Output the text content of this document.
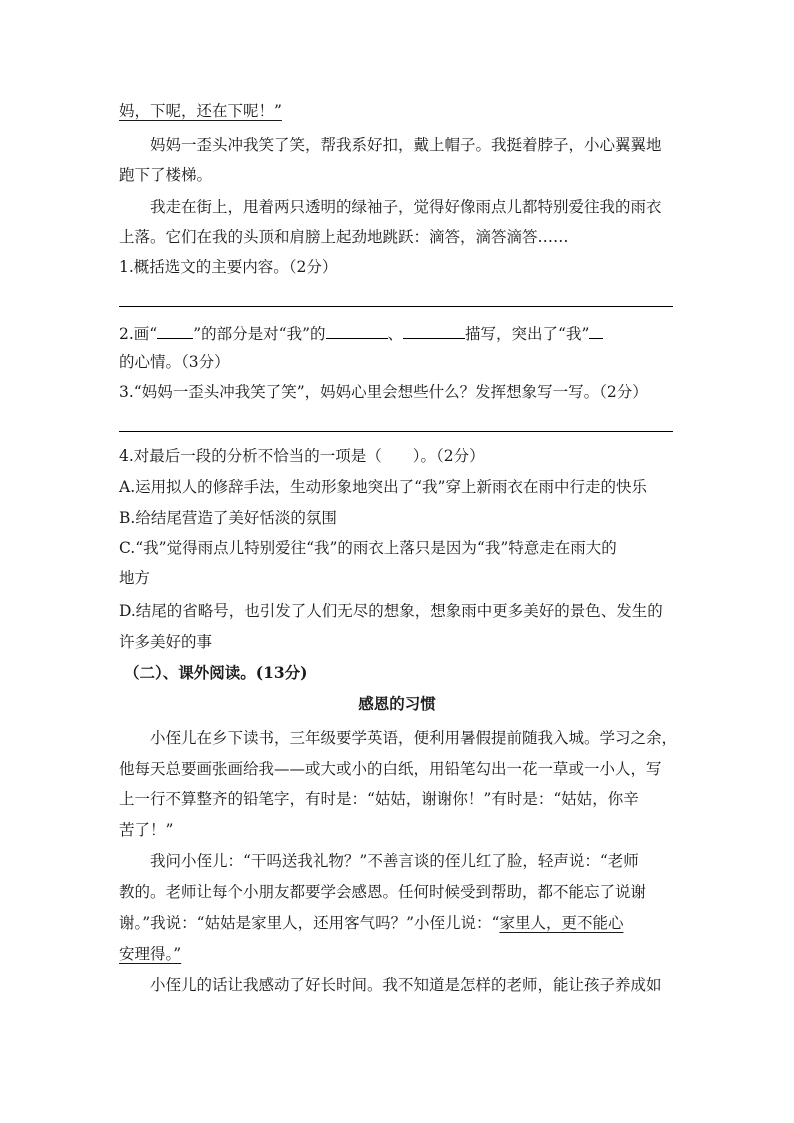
妈，下呢，还在下呢！”
妈妈一歪头冲我笑了笑，帮我系好扣，戴上帽子。我挺着脖子，小心翼翼地
跑下了楼梯。
我走在街上，甩着两只透明的绿袖子，觉得好像雨点儿都特别爱往我的雨衣
上落。它们在我的头顶和肩膀上起劲地跳跃：滴答，滴答滴答……
1.概括选文的主要内容。（2分）
2.画“ ”的部分是对“我”的	、	描写，突出了“我”
的心情。（3分）
3.“妈妈一歪头冲我笑了笑”，妈妈心里会想些什么？发挥想象写一写。（2分）
4.对最后一段的分析不恰当的一项是（　　）。（2分）
A.运用拟人的修辞手法，生动形象地突出了“我”穿上新雨衣在雨中行走的快乐
B.给结尾营造了美好恬淡的氛围
C.“我”觉得雨点儿特别爱往“我”的雨衣上落只是因为“我”特意走在雨大的
地方
D.结尾的省略号，也引发了人们无尽的想象，想象雨中更多美好的景色、发生的
许多美好的事
（二）、课外阅读。(13分)
感恩的习惯
小侄儿在乡下读书，三年级要学英语，便利用暑假提前随我入城。学习之余，
他每天总要画张画给我——或大或小的白纸，用铅笔勾出一花一草或一小人，写
上一行不算整齐的铅笔字，有时是：“姑姑，谢谢你！”有时是：“姑姑，你辛
苦了！”
我问小侄儿：“干吗送我礼物？”不善言谈的侄儿红了脸，轻声说：“老师
教的。老师让每个小朋友都要学会感恩。任何时候受到帮助，都不能忘了说谢
谢。”我说：“姑姑是家里人，还用客气吗？”小侄儿说：“家里人，更不能心
安理得。”
小侄儿的话让我感动了好长时间。我不知道是怎样的老师，能让孩子养成如
